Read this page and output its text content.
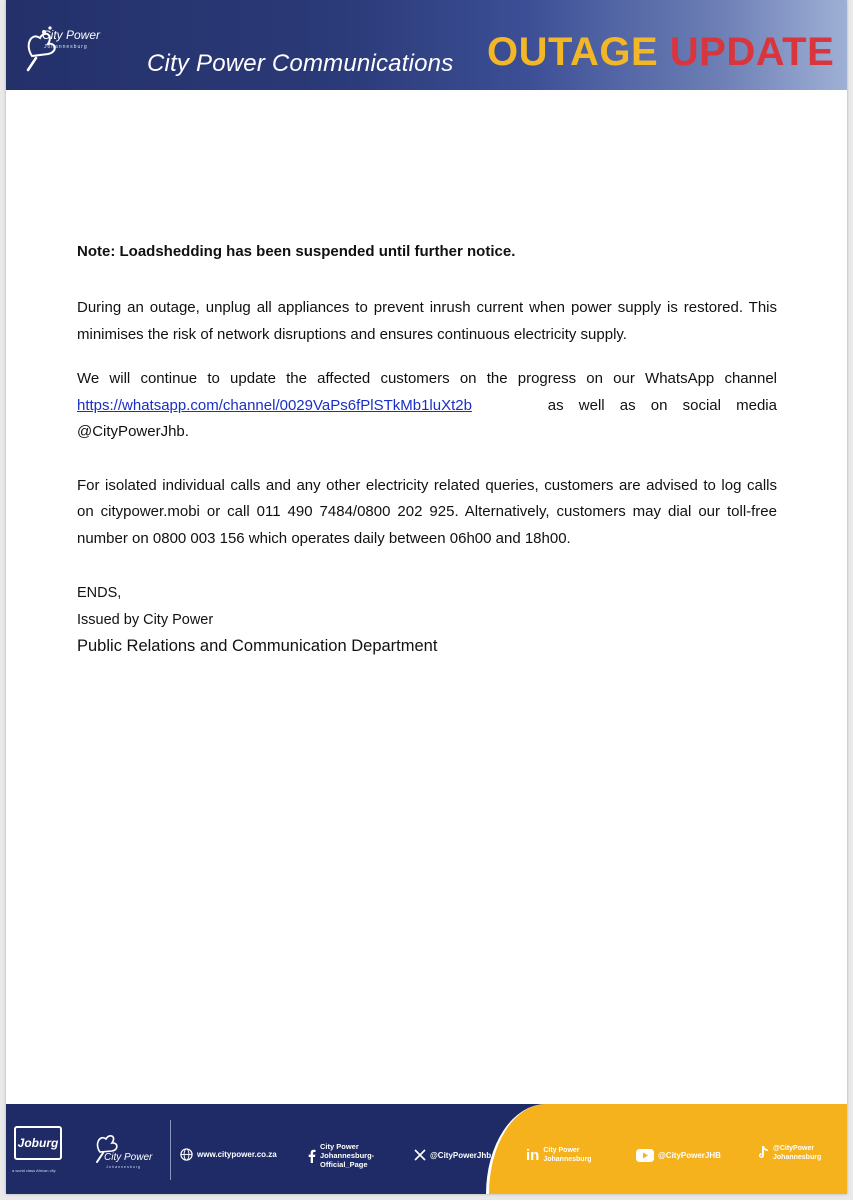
City Power
Johannesburg
City Power Communications OUTAGE UPDATE

Note: Loadshedding has been suspended until further notice.

During an outage, unplug all appliances to prevent inrush current when power supply is restored. This minimises the risk of network disruptions and ensures continuous electricity supply.

We will continue to update the affected customers on the progress on our WhatsApp channel https://whatsapp.com/channel/0029VaPs6fPlSTkMb1luXt2b	as well as on social media @CityPowerJhb.

For isolated individual calls and any other electricity related queries, customers are advised to log calls on citypower.mobi or call 011 490 7484/0800 202 925. Alternatively, customers may dial our toll-free number on 0800 003 156 which operates daily between 06h00 and 18h00.

ENDS,

Issued by City Power

Public Relations and Communication Department

Joburg
a world class African city
City Power
Johannesburg
www.citypower.co.za
City Power
Johannesburg-
Official_Page
@CityPowerJhb in City Power
Johannesburg	@CityPowerJHB
@CityPower
Johannesburg
